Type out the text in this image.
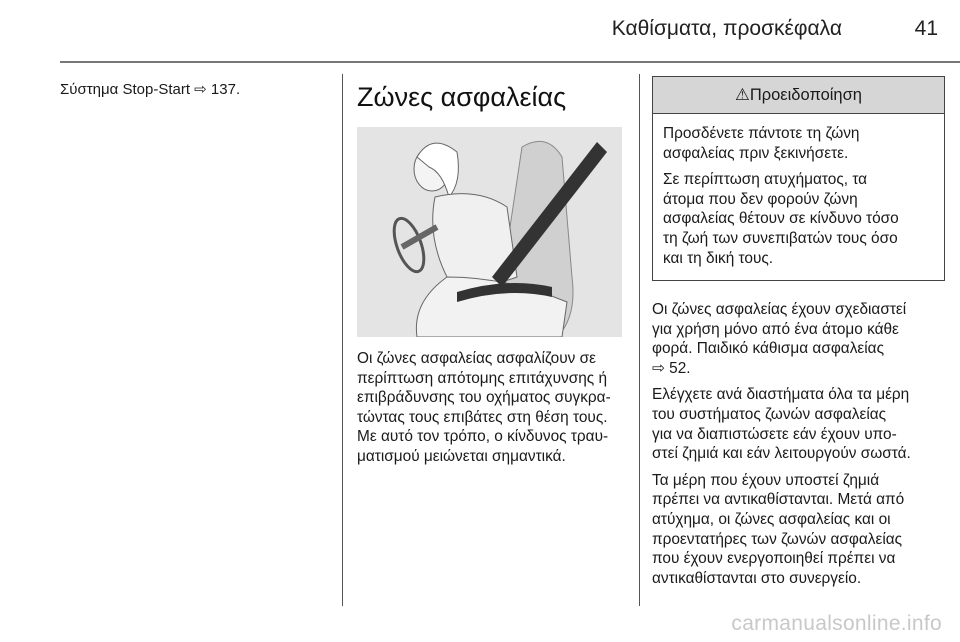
Καθίσματα, προσκέφαλα	41
Σύστημα Stop-Start ⇨ 137.	Ζώνες ασφαλείας
Οι ζώνες ασφαλείας ασφαλίζουν σε
περίπτωση απότομης επιτάχυνσης ή
επιβράδυνσης του οχήματος συγκρα-
τώντας τους επιβάτες στη θέση τους.
Με αυτό τον τρόπο, ο κίνδυνος τραυ-
ματισμού μειώνεται σημαντικά.
⚠Προειδοποίηση
Προσδένετε πάντοτε τη ζώνη
ασφαλείας πριν ξεκινήσετε.
Σε περίπτωση ατυχήματος, τα
άτομα που δεν φορούν ζώνη
ασφαλείας θέτουν σε κίνδυνο τόσο
τη ζωή των συνεπιβατών τους όσο
και τη δική τους.
Οι ζώνες ασφαλείας έχουν σχεδιαστεί
για χρήση μόνο από ένα άτομο κάθε
φορά. Παιδικό κάθισμα ασφαλείας
⇨ 52.
Ελέγχετε ανά διαστήματα όλα τα μέρη
του συστήματος ζωνών ασφαλείας
για να διαπιστώσετε εάν έχουν υπο-
στεί ζημιά και εάν λειτουργούν σωστά.
Τα μέρη που έχουν υποστεί ζημιά
πρέπει να αντικαθίστανται. Μετά από
ατύχημα, οι ζώνες ασφαλείας και οι
προεντατήρες των ζωνών ασφαλείας
που έχουν ενεργοποιηθεί πρέπει να
αντικαθίστανται στο συνεργείο.
carmanualsonline.info
